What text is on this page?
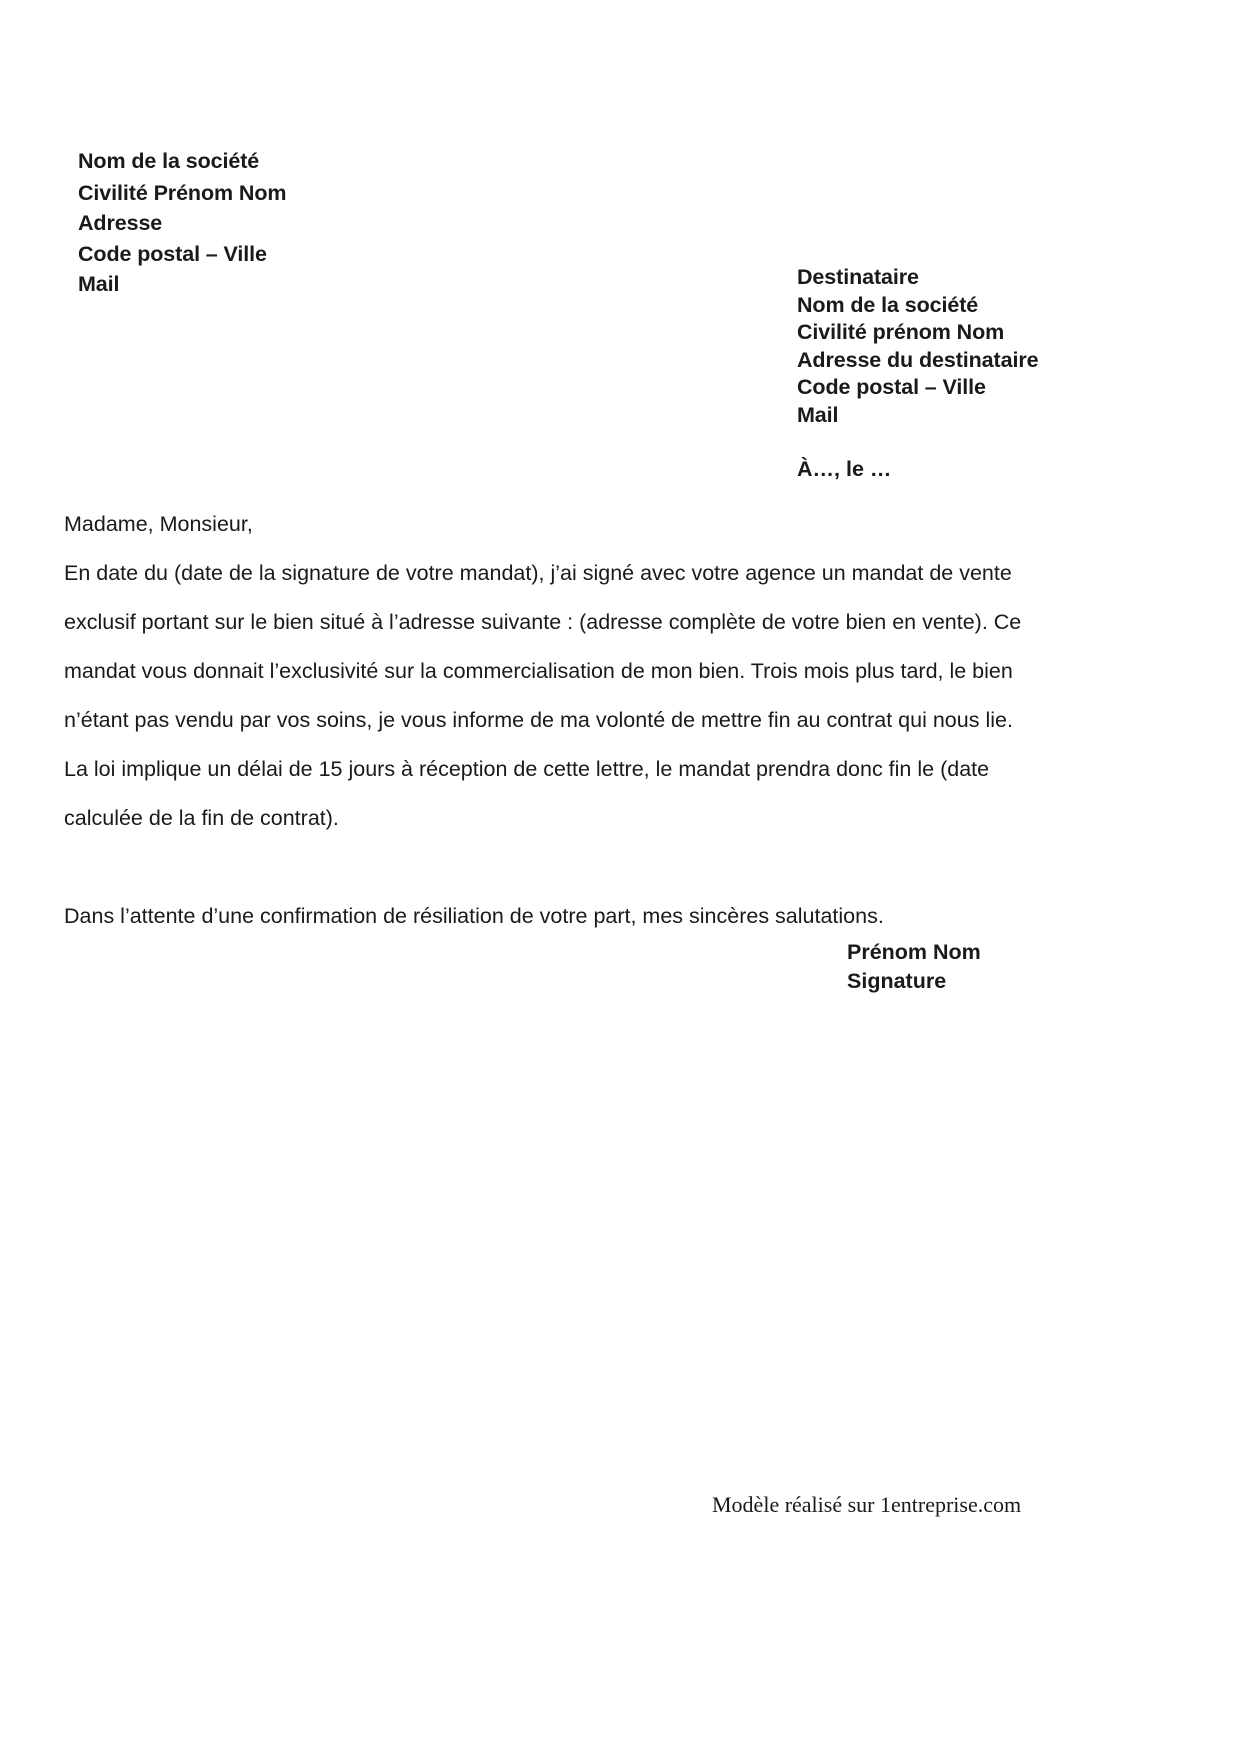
Nom de la société
Civilité Prénom Nom
Adresse
Code postal – Ville
Mail	Destinataire
Nom de la société
Civilité prénom Nom
Adresse du destinataire
Code postal – Ville
Mail
À…, le …
Madame, Monsieur,

En date du (date de la signature de votre mandat), j’ai signé avec votre agence un mandat de vente exclusif portant sur le bien situé à l’adresse suivante : (adresse complète de votre bien en vente). Ce mandat vous donnait l’exclusivité sur la commercialisation de mon bien. Trois mois plus tard, le bien n’étant pas vendu par vos soins, je vous informe de ma volonté de mettre fin au contrat qui nous lie. La loi implique un délai de 15 jours à réception de cette lettre, le mandat prendra donc fin le (date calculée de la fin de contrat).

Dans l’attente d’une confirmation de résiliation de votre part, mes sincères salutations.

Prénom Nom
Signature
Modèle réalisé sur 1entreprise.com
